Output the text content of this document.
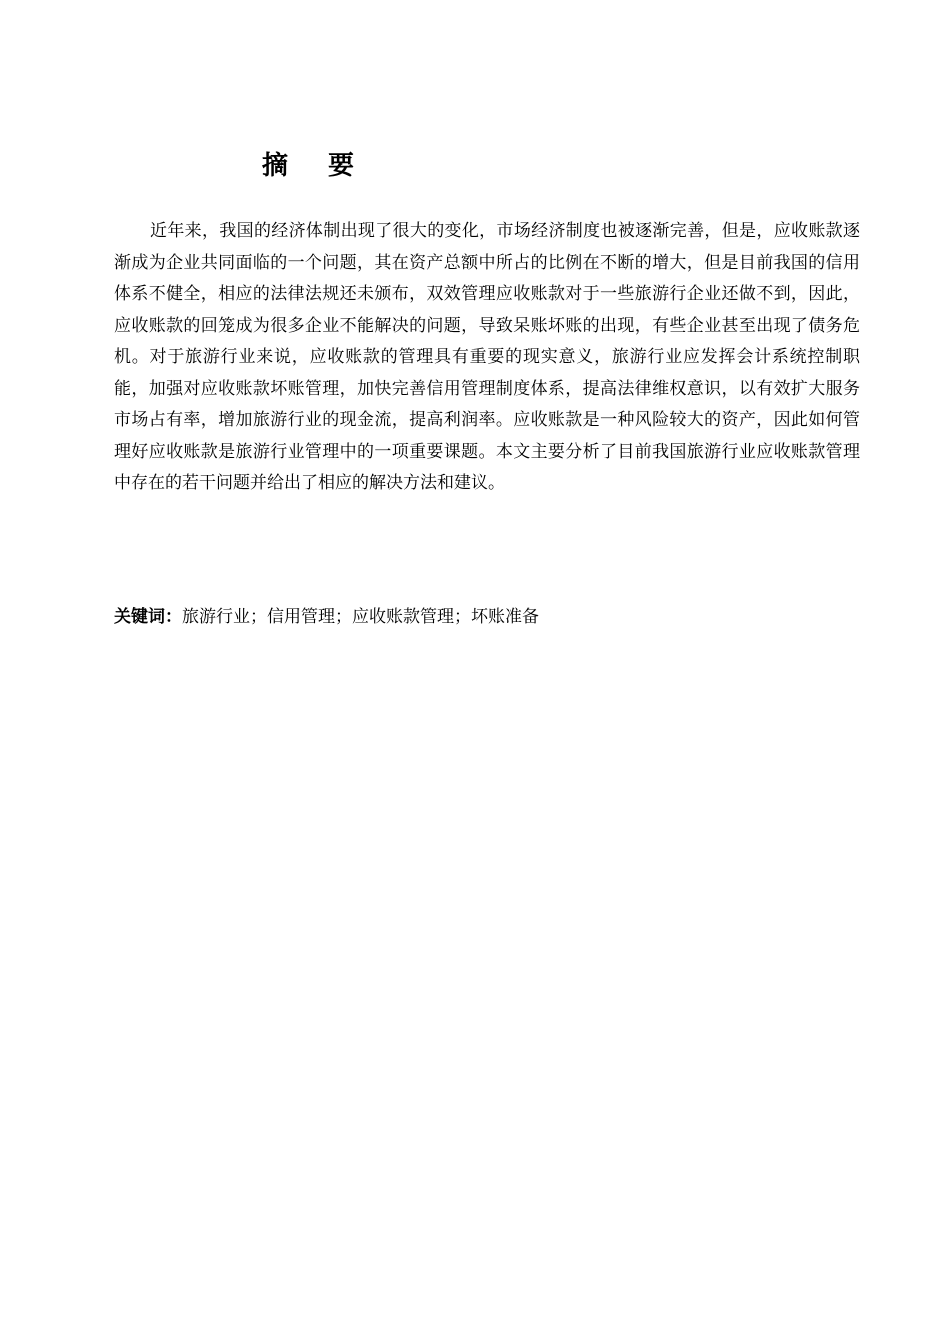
摘 要

近年来，我国的经济体制出现了很大的变化，市场经济制度也被逐渐完善，但是，应收账款逐渐成为企业共同面临的一个问题，其在资产总额中所占的比例在不断的增大，但是目前我国的信用体系不健全，相应的法律法规还未颁布，双效管理应收账款对于一些旅游行企业还做不到，因此，应收账款的回笼成为很多企业不能解决的问题，导致呆账坏账的出现，有些企业甚至出现了债务危机。对于旅游行业来说，应收账款的管理具有重要的现实意义，旅游行业应发挥会计系统控制职能，加强对应收账款坏账管理，加快完善信用管理制度体系，提高法律维权意识，以有效扩大服务市场占有率，增加旅游行业的现金流，提高利润率。应收账款是一种风险较大的资产，因此如何管理好应收账款是旅游行业管理中的一项重要课题。本文主要分析了目前我国旅游行业应收账款管理中存在的若干问题并给出了相应的解决方法和建议。

关键词：旅游行业；信用管理；应收账款管理；坏账准备
